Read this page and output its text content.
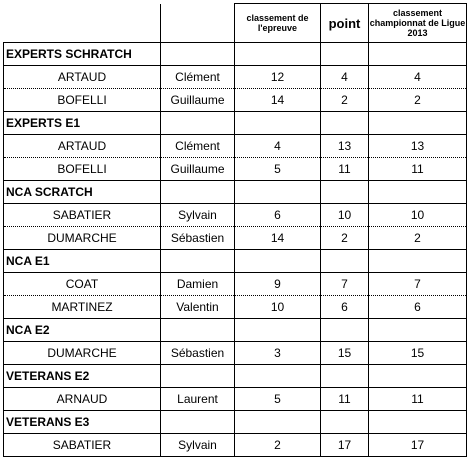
		classement de l'epreuve	point	classement championnat de Ligue 2013
EXPERTS SCHRATCH				
ARTAUD	Clément	12	4	4
BOFELLI	Guillaume	14	2	2
EXPERTS E1				
ARTAUD	Clément	4	13	13
BOFELLI	Guillaume	5	11	11
NCA SCRATCH				
SABATIER	Sylvain	6	10	10
DUMARCHE	Sébastien	14	2	2
NCA E1				
COAT	Damien	9	7	7
MARTINEZ	Valentin	10	6	6
NCA E2				
DUMARCHE	Sébastien	3	15	15
VETERANS E2				
ARNAUD	Laurent	5	11	11
VETERANS E3				
SABATIER	Sylvain	2	17	17
